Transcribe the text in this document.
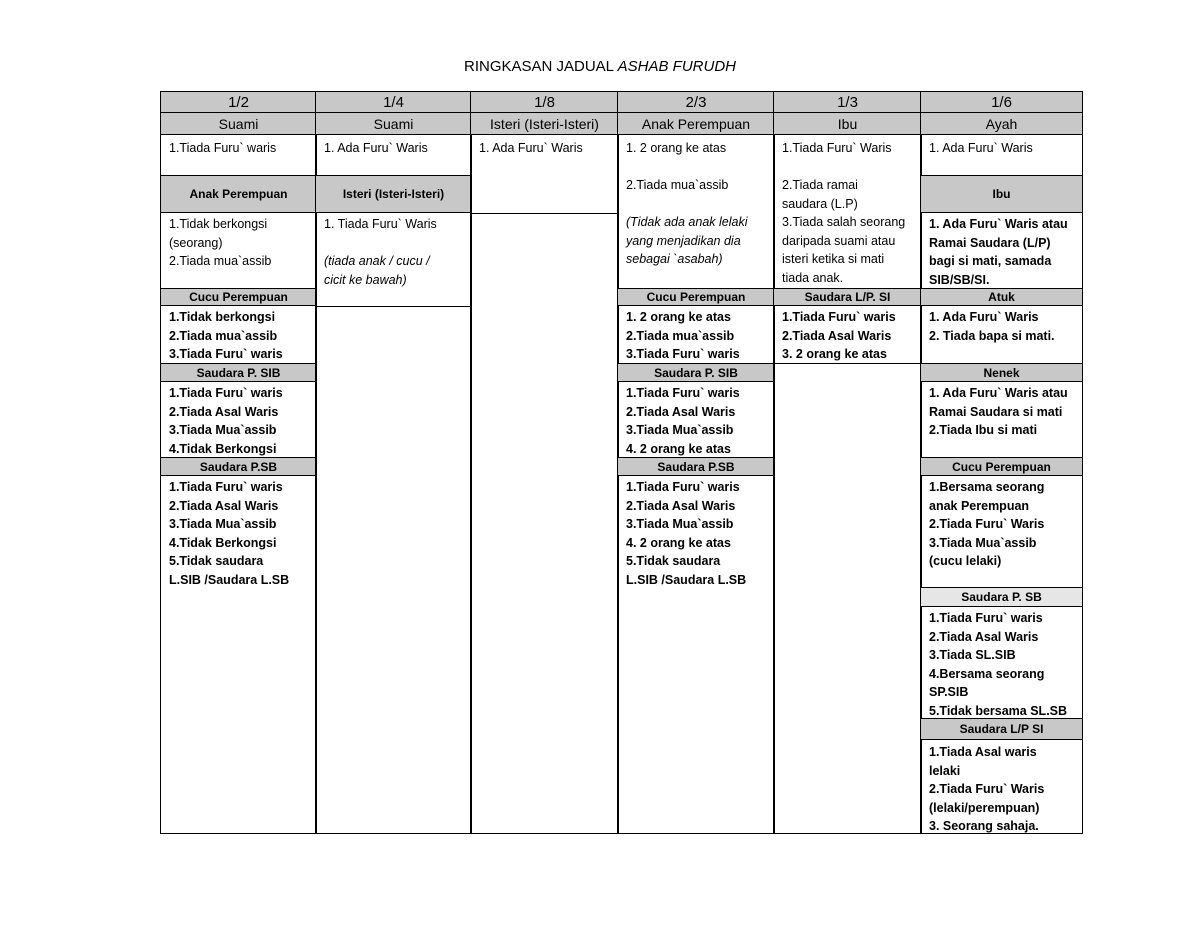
RINGKASAN JADUAL ASHAB FURUDH
1/2
Suami
1.Tiada Furu` waris
Anak Perempuan
1.Tidak berkongsi
(seorang)
2.Tiada mua`assib
Cucu Perempuan
1.Tidak berkongsi
2.Tiada mua`assib
3.Tiada Furu` waris
Saudara P. SIB
1.Tiada Furu` waris
2.Tiada Asal Waris
3.Tiada Mua`assib
4.Tidak Berkongsi
Saudara P.SB
1.Tiada Furu` waris
2.Tiada Asal Waris
3.Tiada Mua`assib
4.Tidak Berkongsi
5.Tidak saudara
L.SIB /Saudara L.SB
1/4
Suami
1. Ada Furu` Waris
Isteri (Isteri-Isteri)
1. Tiada Furu` Waris

(tiada anak / cucu /
cicit ke bawah)
1/8
Isteri (Isteri-Isteri)
1. Ada Furu` Waris
2/3
Anak Perempuan
1. 2 orang ke atas

2.Tiada mua`assib

(Tidak ada anak lelaki
yang menjadikan dia
sebagai `asabah)
Cucu Perempuan
1. 2 orang ke atas
2.Tiada mua`assib
3.Tiada Furu` waris
Saudara P. SIB
1.Tiada Furu` waris
2.Tiada Asal Waris
3.Tiada Mua`assib
4. 2 orang ke atas
Saudara P.SB
1.Tiada Furu` waris
2.Tiada Asal Waris
3.Tiada Mua`assib
4. 2 orang ke atas
5.Tidak saudara
L.SIB /Saudara L.SB
1/3
Ibu
1.Tiada Furu` Waris

2.Tiada ramai
saudara (L.P)
3.Tiada salah seorang
daripada suami atau
isteri ketika si mati
tiada anak.
Saudara L/P. SI
1.Tiada Furu` waris
2.Tiada Asal Waris
3. 2 orang ke atas
1/6
Ayah
1. Ada Furu` Waris
Ibu
1. Ada Furu` Waris atau
Ramai Saudara (L/P)
bagi si mati, samada
SIB/SB/SI.
Atuk
1. Ada Furu` Waris
2. Tiada bapa si mati.
Nenek
1. Ada Furu` Waris atau
Ramai Saudara si mati
2.Tiada Ibu si mati
Cucu Perempuan
1.Bersama seorang
anak Perempuan
2.Tiada Furu` Waris
3.Tiada Mua`assib
(cucu lelaki)
Saudara P. SB
1.Tiada Furu` waris
2.Tiada Asal Waris
3.Tiada SL.SIB
4.Bersama seorang
SP.SIB
5.Tidak bersama SL.SB
Saudara L/P SI
1.Tiada Asal waris
lelaki
2.Tiada Furu` Waris
(lelaki/perempuan)
3. Seorang sahaja.
